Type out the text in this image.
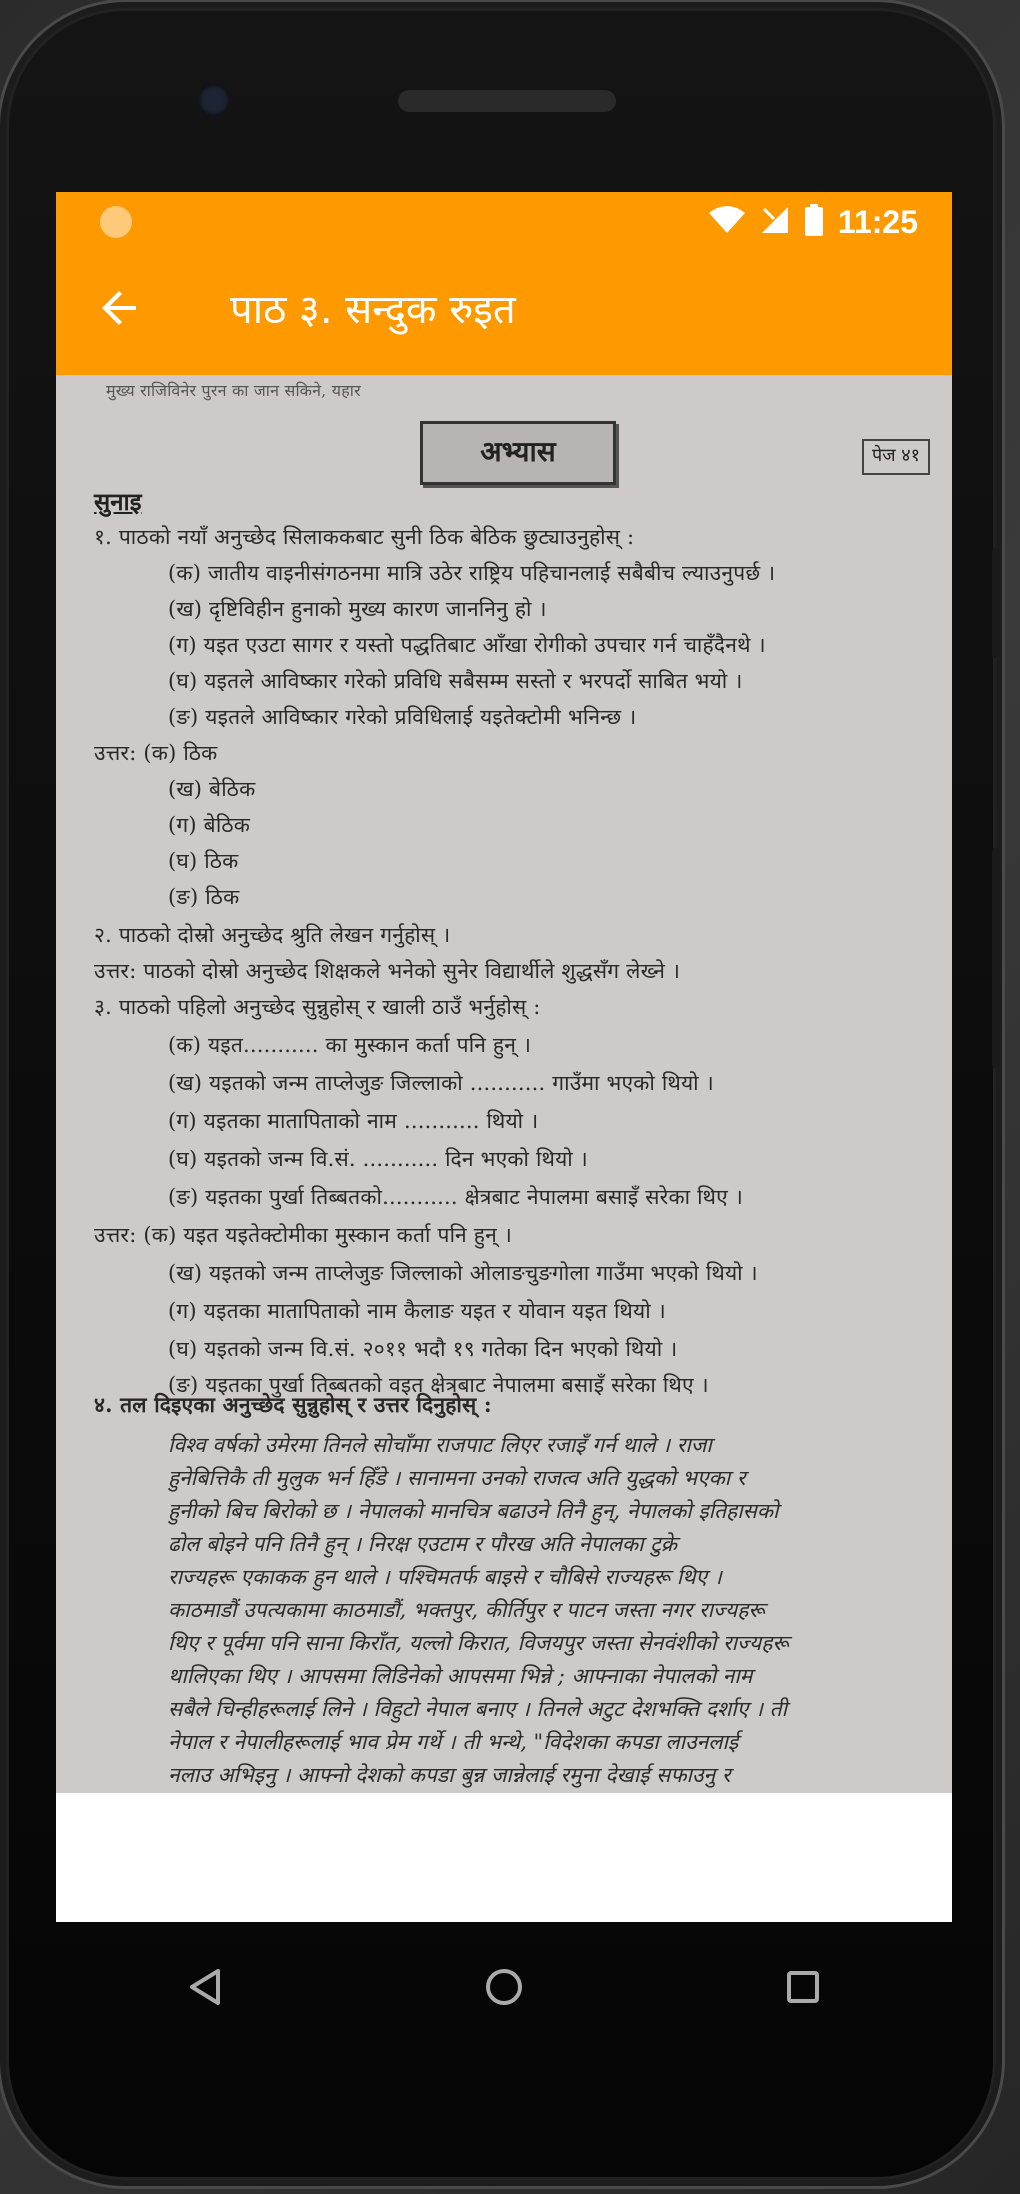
11:25
पाठ ३. सन्दुक रुइत
मुख्य राजिविनेर पुरन का जान सकिने, यहार
अभ्यास	पेज ४१
सुनाइ
१. पाठको नयाँ अनुच्छेद सिलाककबाट सुनी ठिक बेठिक छुट्याउनुहोस् :
(क) जातीय वाइनीसंगठनमा मात्रि उठेर राष्ट्रिय पहिचानलाई सबैबीच ल्याउनुपर्छ ।
(ख) दृष्टिविहीन हुनाको मुख्य कारण जाननिनु हो ।
(ग) यइत एउटा सागर र यस्तो पद्धतिबाट आँखा रोगीको उपचार गर्न चाहँदैनथे ।
(घ) यइतले आविष्कार गरेको प्रविधि सबैसम्म सस्तो र भरपर्दो साबित भयो ।
(ङ) यइतले आविष्कार गरेको प्रविधिलाई यइतेक्टोमी भनिन्छ ।
उत्तर: (क) ठिक
(ख) बेठिक
(ग) बेठिक
(घ) ठिक
(ङ) ठिक
२. पाठको दोस्रो अनुच्छेद श्रुति लेखन गर्नुहोस् ।
उत्तर: पाठको दोस्रो अनुच्छेद शिक्षकले भनेको सुनेर विद्यार्थीले शुद्धसँग लेख्ने ।
३. पाठको पहिलो अनुच्छेद सुन्नुहोस् र खाली ठाउँ भर्नुहोस् :
(क) यइत........... का मुस्कान कर्ता पनि हुन् ।
(ख) यइतको जन्म ताप्लेजुङ जिल्लाको ........... गाउँमा भएको थियो ।
(ग) यइतका मातापिताको नाम ........... थियो ।
(घ) यइतको जन्म वि.सं. ........... दिन भएको थियो ।
(ङ) यइतका पुर्खा तिब्बतको........... क्षेत्रबाट नेपालमा बसाइँ सरेका थिए ।
उत्तर: (क) यइत यइतेक्टोमीका मुस्कान कर्ता पनि हुन् ।
(ख) यइतको जन्म ताप्लेजुङ जिल्लाको ओलाङचुङगोला गाउँमा भएको थियो ।
(ग) यइतका मातापिताको नाम कैलाङ यइत र योवान यइत थियो ।
(घ) यइतको जन्म वि.सं. २०११ भदौ १९ गतेका दिन भएको थियो ।
(ङ) यइतका पुर्खा तिब्बतको वइत क्षेत्रबाट नेपालमा बसाइँ सरेका थिए ।
४. तल दिइएका अनुच्छेद सुन्नुहोस् र उत्तर दिनुहोस् :
विश्व वर्षको उमेरमा तिनले सोचाँमा राजपाट लिएर रजाइँ गर्न थाले । राजा
हुनेबित्तिकै ती मुलुक भर्न हिँडे । सानामना उनको राजत्व अति युद्धको भएका र
हुनीको बिच बिरोको छ । नेपालको मानचित्र बढाउने तिनै हुन्, नेपालको इतिहासको
ढोल बोइने पनि तिनै हुन् । निरक्ष एउटाम र पौरख अति नेपालका टुक्रे
राज्यहरू एकाकक हुन थाले । पश्चिमतर्फ बाइसे र चौबिसे राज्यहरू थिए ।
काठमाडौं उपत्यकामा काठमाडौं, भक्तपुर, कीर्तिपुर र पाटन जस्ता नगर राज्यहरू
थिए र पूर्वमा पनि साना किराँत, यल्लो किरात, विजयपुर जस्ता सेनवंशीको राज्यहरू
थालिएका थिए । आपसमा लिडिनेको आपसमा भिन्ने ; आफ्नाका नेपालको नाम
सबैले चिन्हीहरूलाई लिने । विहुटो नेपाल बनाए । तिनले अटुट देशभक्ति दर्शाए । ती
नेपाल र नेपालीहरूलाई भाव प्रेम गर्थे । ती भन्थे, "विदेशका कपडा लाउनलाई
नलाउ अभिइनु । आफ्नो देशको कपडा बुन्न जान्नेलाई रमुना देखाई सफाउनु र
